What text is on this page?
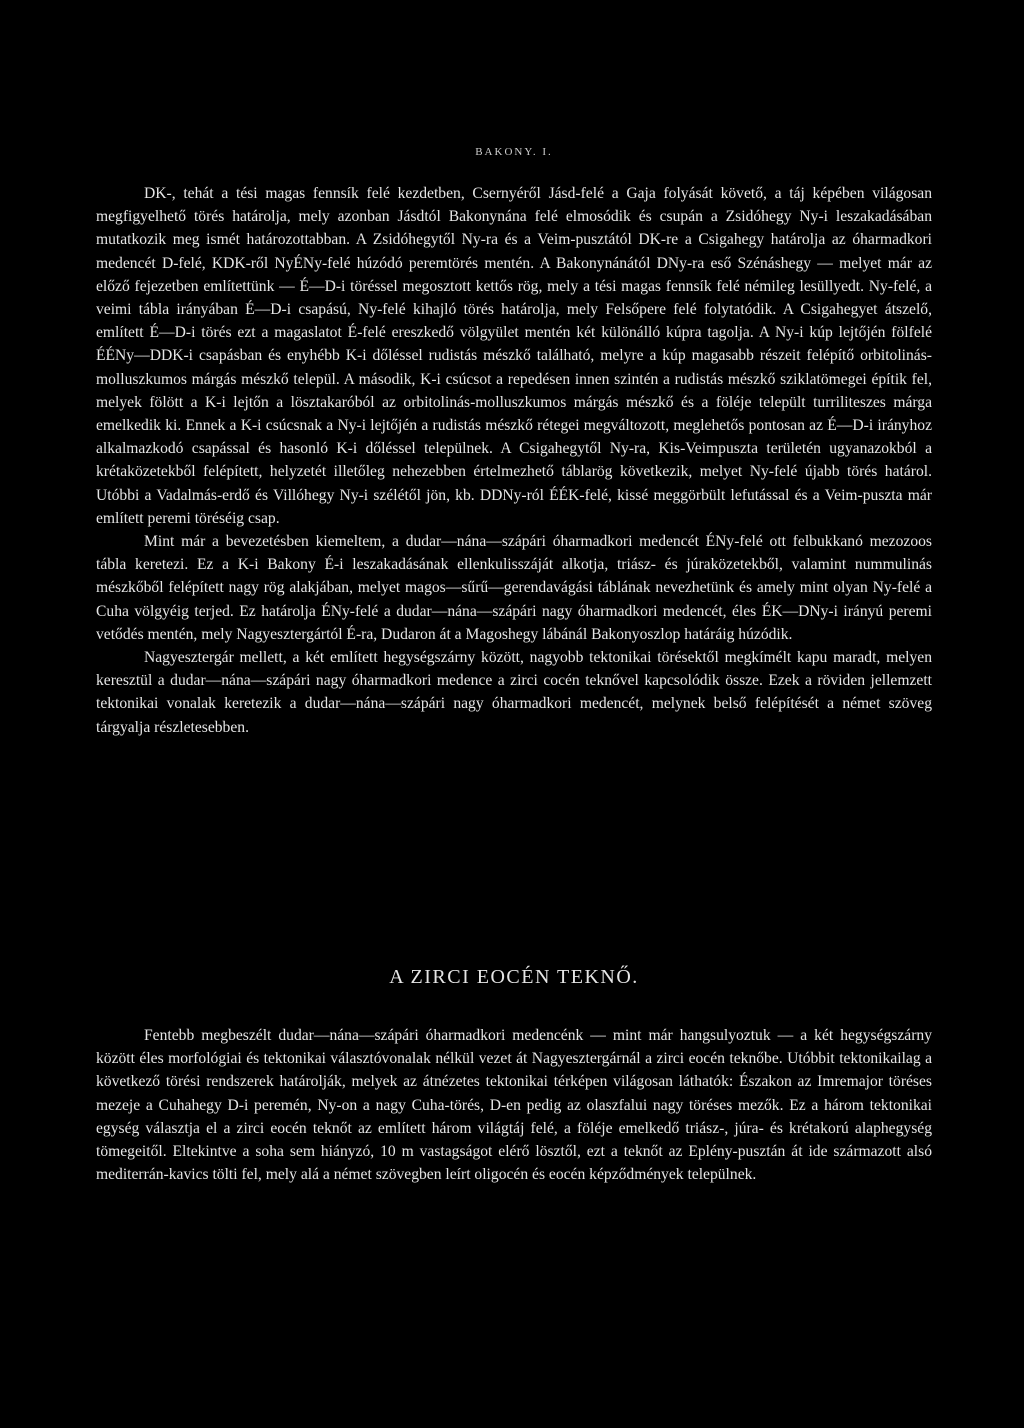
BAKONY. I.

DK-, tehát a tési magas fennsík felé kezdetben, Csernyéről Jásd-felé a Gaja folyását követő, a táj képében világosan megfigyelhető törés határolja, mely azonban Jásdtól Bakonynána felé elmosódik és csupán a Zsidóhegy Ny-i leszakadásában mutatkozik meg ismét határozottabban. A Zsidóhegytől Ny-ra és a Veim-pusztától DK-re a Csigahegy határolja az óharmadkori medencét D-felé, KDK-ről NyÉNy-felé húzódó peremtörés mentén. A Bakonynánától DNy-ra eső Szénáshegy — melyet már az előző fejezetben említettünk — É—D-i töréssel megosztott kettős rög, mely a tési magas fennsík felé némileg lesüllyedt. Ny-felé, a veimi tábla irányában É—D-i csapású, Ny-felé kihajló törés határolja, mely Felsőpere felé folytatódik. A Csigahegyet átszelő, említett É—D-i törés ezt a magaslatot É-felé ereszkedő völgyület mentén két különálló kúpra tagolja. A Ny-i kúp lejtőjén fölfelé ÉÉNy—DDK-i csapásban és enyhébb K-i dőléssel rudistás mészkő található, melyre a kúp magasabb részeit felépítő orbitolinás-molluszkumos márgás mészkő települ. A második, K-i csúcsot a repedésen innen szintén a rudistás mészkő sziklatömegei építik fel, melyek fölött a K-i lejtőn a lösztakaróból az orbitolinás-molluszkumos márgás mészkő és a föléje települt turriliteszes márga emelkedik ki. Ennek a K-i csúcsnak a Ny-i lejtőjén a rudistás mészkő rétegei megváltozott, meglehetős pontosan az É—D-i irányhoz alkalmazkodó csapással és hasonló K-i dőléssel települnek. A Csigahegytől Ny-ra, Kis-Veimpuszta területén ugyanazokból a krétaközetekből felépített, helyzetét illetőleg nehezebben értelmezhető táblarög következik, melyet Ny-felé újabb törés határol. Utóbbi a Vadalmás-erdő és Villóhegy Ny-i szélétől jön, kb. DDNy-ról ÉÉK-felé, kissé meggörbült lefutással és a Veim-puszta már említett peremi töréséig csap.

Mint már a bevezetésben kiemeltem, a dudar—nána—szápári óharmadkori medencét ÉNy-felé ott felbukkanó mezozoos tábla keretezi. Ez a K-i Bakony É-i leszakadásának ellenkulisszáját alkotja, triász- és júraközetekből, valamint nummulinás mészkőből felépített nagy rög alakjában, melyet magos—sűrű—gerendavágási táblának nevezhetünk és amely mint olyan Ny-felé a Cuha völgyéig terjed. Ez határolja ÉNy-felé a dudar—nána—szápári nagy óharmadkori medencét, éles ÉK—DNy-i irányú peremi vetődés mentén, mely Nagyesztergártól É-ra, Dudaron át a Magoshegy lábánál Bakonyoszlop határáig húzódik.

Nagyesztergár mellett, a két említett hegységszárny között, nagyobb tektonikai törésektől megkímélt kapu maradt, melyen keresztül a dudar—nána—szápári nagy óharmadkori medence a zirci cocén teknővel kapcsolódik össze. Ezek a röviden jellemzett tektonikai vonalak keretezik a dudar—nána—szápári nagy óharmadkori medencét, melynek belső felépítését a német szöveg tárgyalja részletesebben.

A ZIRCI EOCÉN TEKNŐ.

Fentebb megbeszélt dudar—nána—szápári óharmadkori medencénk — mint már hangsulyoztuk — a két hegységszárny között éles morfológiai és tektonikai választóvonalak nélkül vezet át Nagyesztergárnál a zirci eocén teknőbe. Utóbbit tektonikailag a következő törési rendszerek határolják, melyek az átnézetes tektonikai térképen világosan láthatók: Északon az Imremajor töréses mezeje a Cuhahegy D-i peremén, Ny-on a nagy Cuha-törés, D-en pedig az olaszfalui nagy töréses mezők. Ez a három tektonikai egység választja el a zirci eocén teknőt az említett három világtáj felé, a föléje emelkedő triász-, júra- és krétakorú alaphegység tömegeitől. Eltekintve a soha sem hiányzó, 10 m vastagságot elérő lösztől, ezt a teknőt az Eplény-pusztán át ide származott alsó mediterrán-kavics tölti fel, mely alá a német szövegben leírt oligocén és eocén képződmények települnek.
